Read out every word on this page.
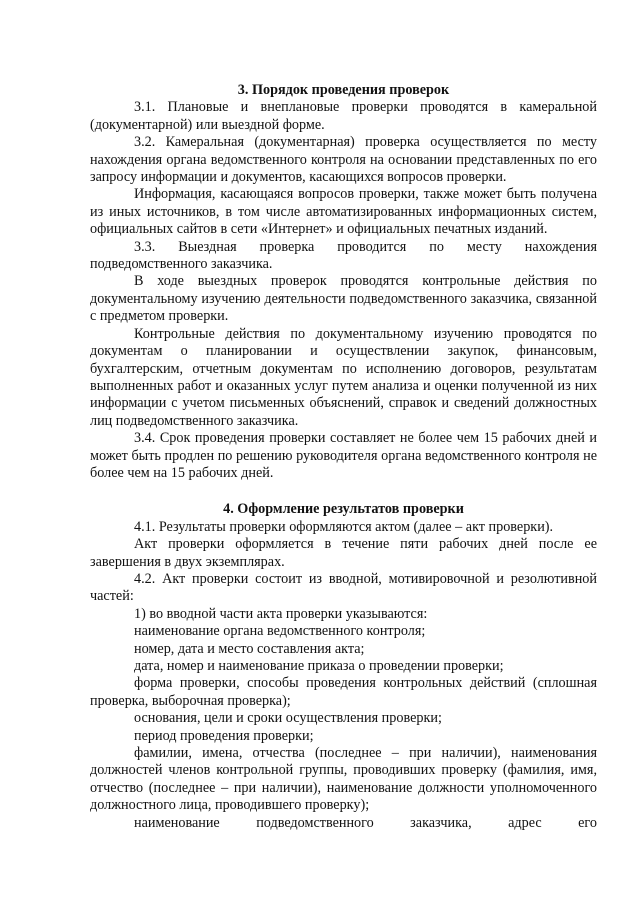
3. Порядок проведения проверок

3.1. Плановые и внеплановые проверки проводятся в камеральной (документарной) или выездной форме.

3.2. Камеральная (документарная) проверка осуществляется по месту нахождения органа ведомственного контроля на основании представленных по его запросу информации и документов, касающихся вопросов проверки.

Информация, касающаяся вопросов проверки, также может быть получена из иных источников, в том числе автоматизированных информационных систем, официальных сайтов в сети «Интернет» и официальных печатных изданий.

3.3. Выездная проверка проводится по месту нахождения подведомственного заказчика.

В ходе выездных проверок проводятся контрольные действия по документальному изучению деятельности подведомственного заказчика, связанной с предметом проверки.

Контрольные действия по документальному изучению проводятся по документам о планировании и осуществлении закупок, финансовым, бухгалтерским, отчетным документам по исполнению договоров, результатам выполненных работ и оказанных услуг путем анализа и оценки полученной из них информации с учетом письменных объяснений, справок и сведений должностных лиц подведомственного заказчика.

3.4. Срок проведения проверки составляет не более чем 15 рабочих дней и может быть продлен по решению руководителя органа ведомственного контроля не более чем на 15 рабочих дней.

4. Оформление результатов проверки

4.1. Результаты проверки оформляются актом (далее – акт проверки).

Акт проверки оформляется в течение пяти рабочих дней после ее завершения в двух экземплярах.

4.2. Акт проверки состоит из вводной, мотивировочной и резолютивной частей:

1) во вводной части акта проверки указываются:

наименование органа ведомственного контроля;

номер, дата и место составления акта;

дата, номер и наименование приказа о проведении проверки;

форма проверки, способы проведения контрольных действий (сплошная проверка, выборочная проверка);

основания, цели и сроки осуществления проверки;

период проведения проверки;

фамилии, имена, отчества (последнее – при наличии), наименования должностей членов контрольной группы, проводивших проверку (фамилия, имя, отчество (последнее – при наличии), наименование должности уполномоченного должностного лица, проводившего проверку);

наименование подведомственного заказчика, адрес его
